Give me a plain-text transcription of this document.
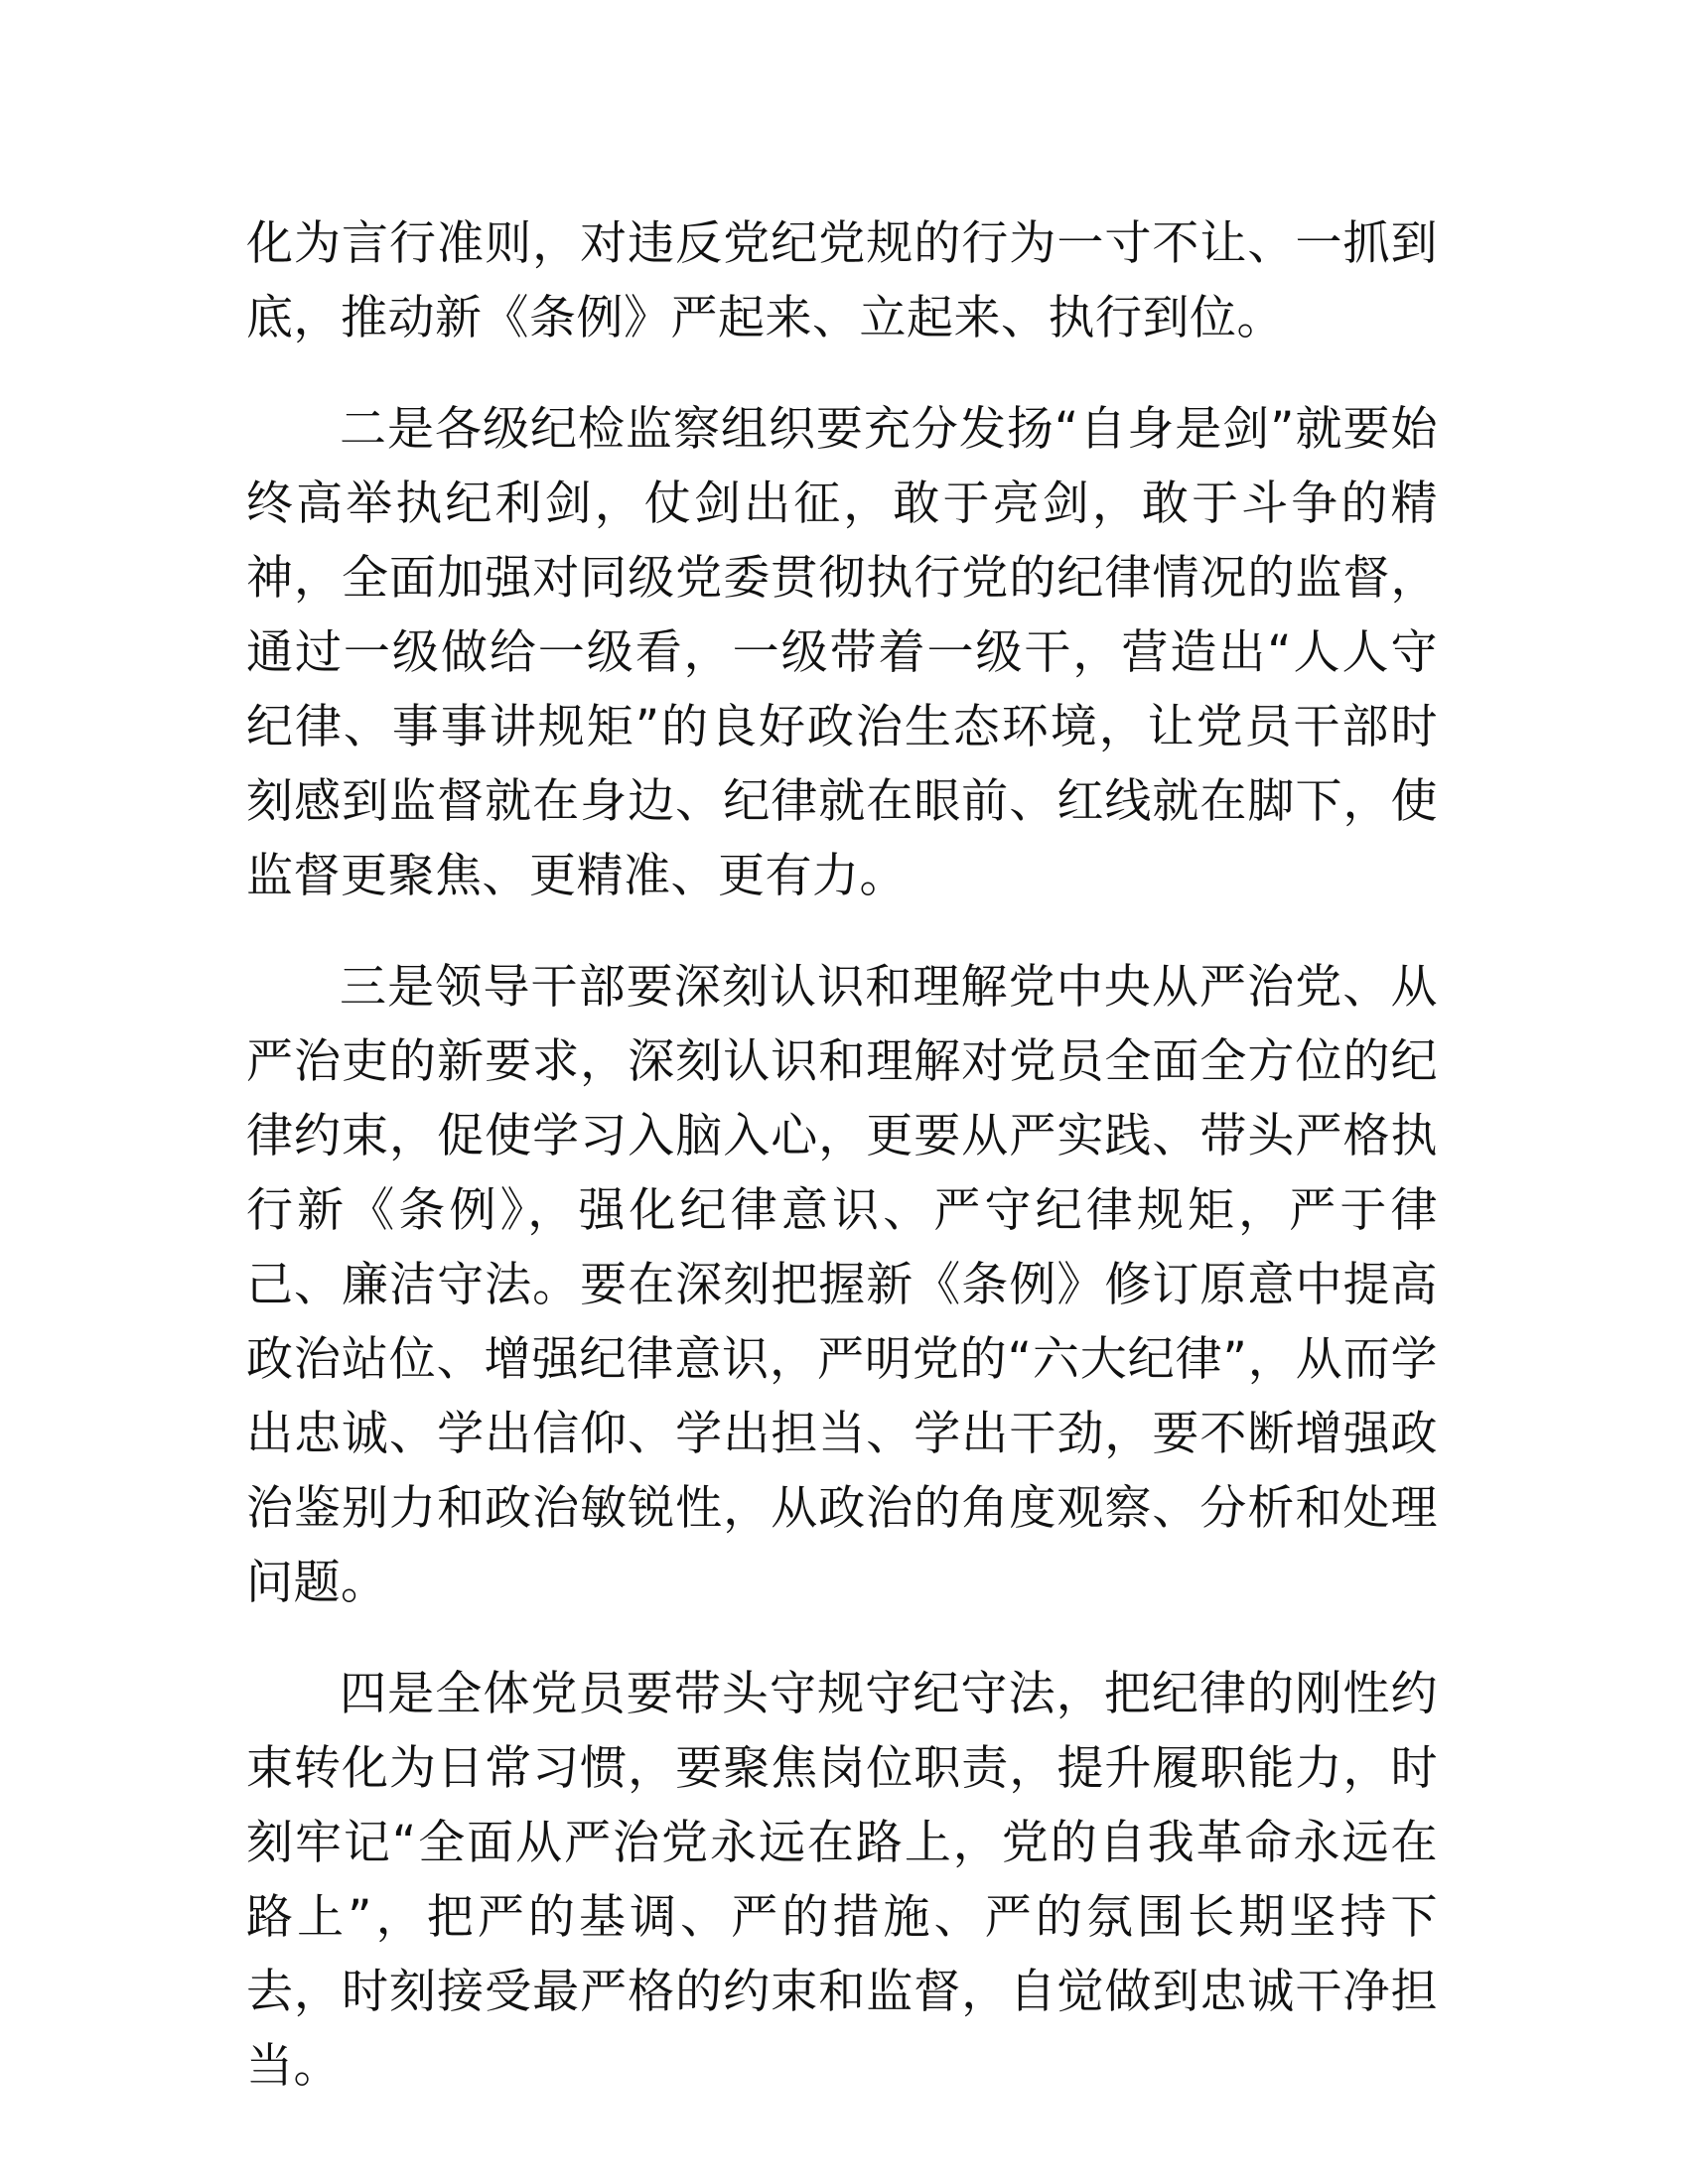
化为言行准则，对违反党纪党规的行为一寸不让、一抓到底，推动新《条例》严起来、立起来、执行到位。

二是各级纪检监察组织要充分发扬“自身是剑”就要始终高举执纪利剑，仗剑出征，敢于亮剑，敢于斗争的精神，全面加强对同级党委贯彻执行党的纪律情况的监督，通过一级做给一级看，一级带着一级干，营造出“人人守纪律、事事讲规矩”的良好政治生态环境，让党员干部时刻感到监督就在身边、纪律就在眼前、红线就在脚下，使监督更聚焦、更精准、更有力。

三是领导干部要深刻认识和理解党中央从严治党、从严治吏的新要求，深刻认识和理解对党员全面全方位的纪律约束，促使学习入脑入心，更要从严实践、带头严格执行新《条例》，强化纪律意识、严守纪律规矩，严于律己、廉洁守法。要在深刻把握新《条例》修订原意中提高政治站位、增强纪律意识，严明党的“六大纪律”，从而学出忠诚、学出信仰、学出担当、学出干劲，要不断增强政治鉴别力和政治敏锐性，从政治的角度观察、分析和处理问题。

四是全体党员要带头守规守纪守法，把纪律的刚性约束转化为日常习惯，要聚焦岗位职责，提升履职能力，时刻牢记“全面从严治党永远在路上，党的自我革命永远在路上”，把严的基调、严的措施、严的氛围长期坚持下去，时刻接受最严格的约束和监督，自觉做到忠诚干净担当。
